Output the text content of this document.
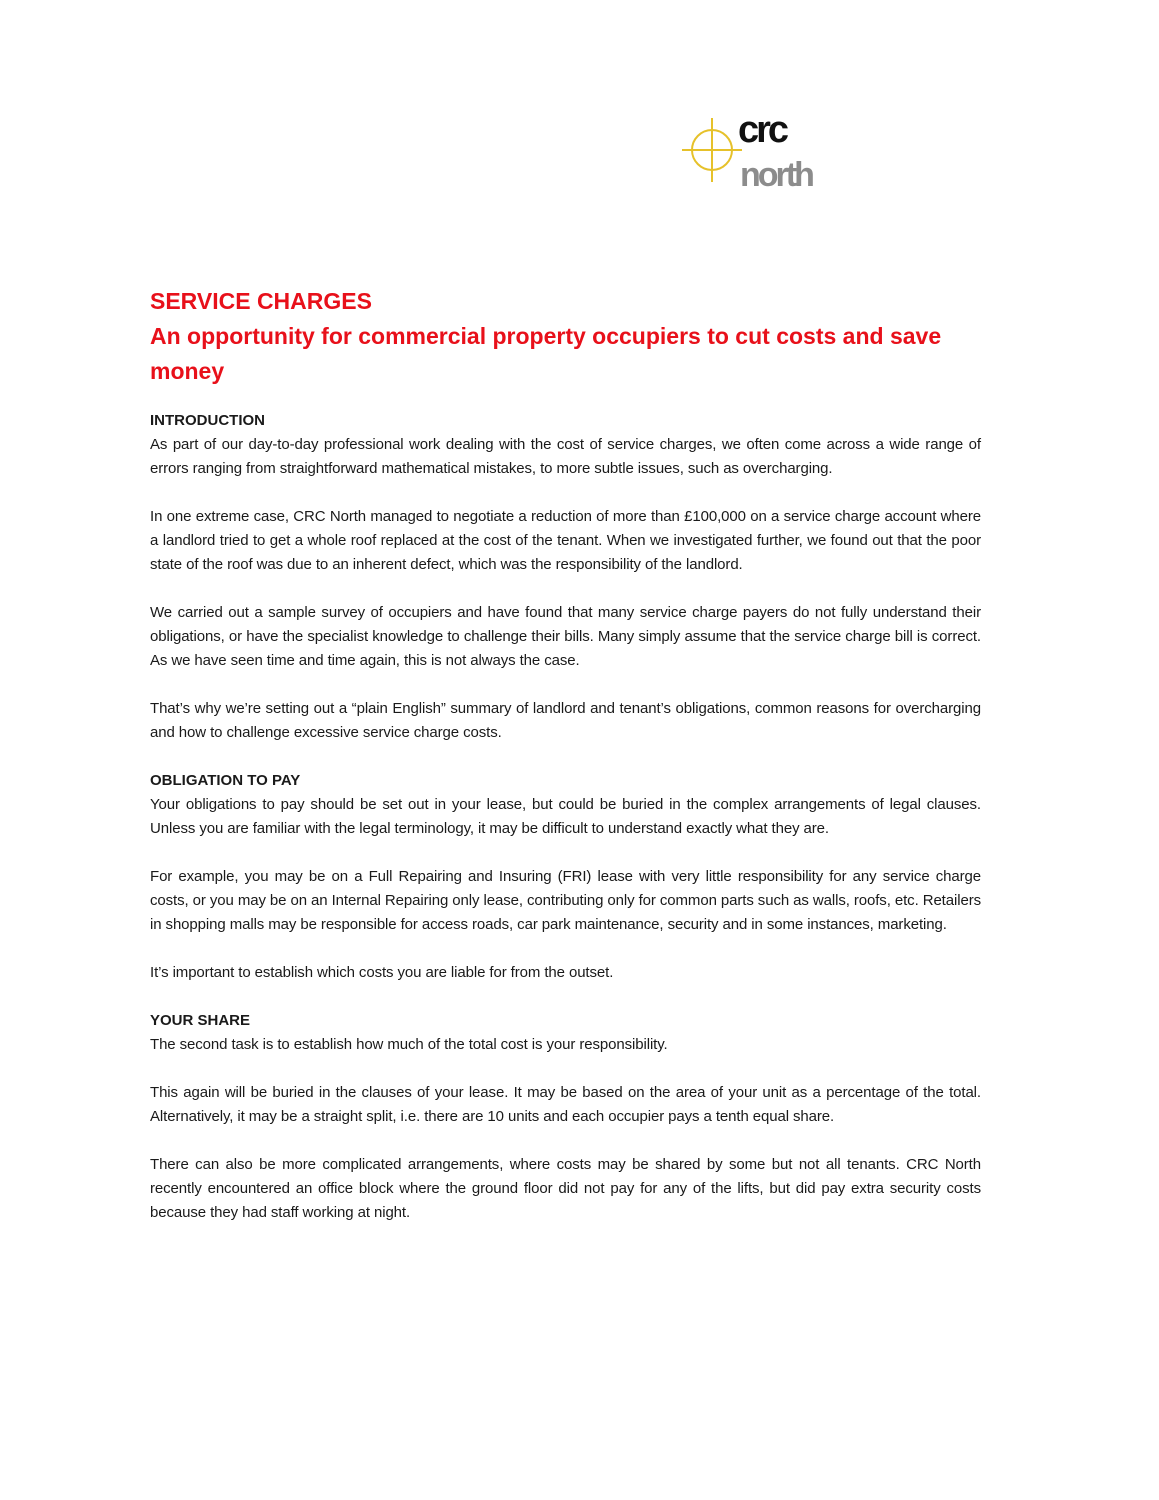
crc
north
SERVICE CHARGES
An opportunity for commercial property occupiers to cut costs and save money
INTRODUCTION

As part of our day-to-day professional work dealing with the cost of service charges, we often come across a wide range of errors ranging from straightforward mathematical mistakes, to more subtle issues, such as overcharging.

In one extreme case, CRC North managed to negotiate a reduction of more than £100,000 on a service charge account where a landlord tried to get a whole roof replaced at the cost of the tenant. When we investigated further, we found out that the poor state of the roof was due to an inherent defect, which was the responsibility of the landlord.

We carried out a sample survey of occupiers and have found that many service charge payers do not fully understand their obligations, or have the specialist knowledge to challenge their bills. Many simply assume that the service charge bill is correct. As we have seen time and time again, this is not always the case.

That’s why we’re setting out a “plain English” summary of landlord and tenant’s obligations, common reasons for overcharging and how to challenge excessive service charge costs.

OBLIGATION TO PAY

Your obligations to pay should be set out in your lease, but could be buried in the complex arrangements of legal clauses. Unless you are familiar with the legal terminology, it may be difficult to understand exactly what they are.

For example, you may be on a Full Repairing and Insuring (FRI) lease with very little responsibility for any service charge costs, or you may be on an Internal Repairing only lease, contributing only for common parts such as walls, roofs, etc. Retailers in shopping malls may be responsible for access roads, car park maintenance, security and in some instances, marketing.

It’s important to establish which costs you are liable for from the outset.

YOUR SHARE

The second task is to establish how much of the total cost is your responsibility.

This again will be buried in the clauses of your lease. It may be based on the area of your unit as a percentage of the total. Alternatively, it may be a straight split, i.e. there are 10 units and each occupier pays a tenth equal share.

There can also be more complicated arrangements, where costs may be shared by some but not all tenants. CRC North recently encountered an office block where the ground floor did not pay for any of the lifts, but did pay extra security costs because they had staff working at night.
